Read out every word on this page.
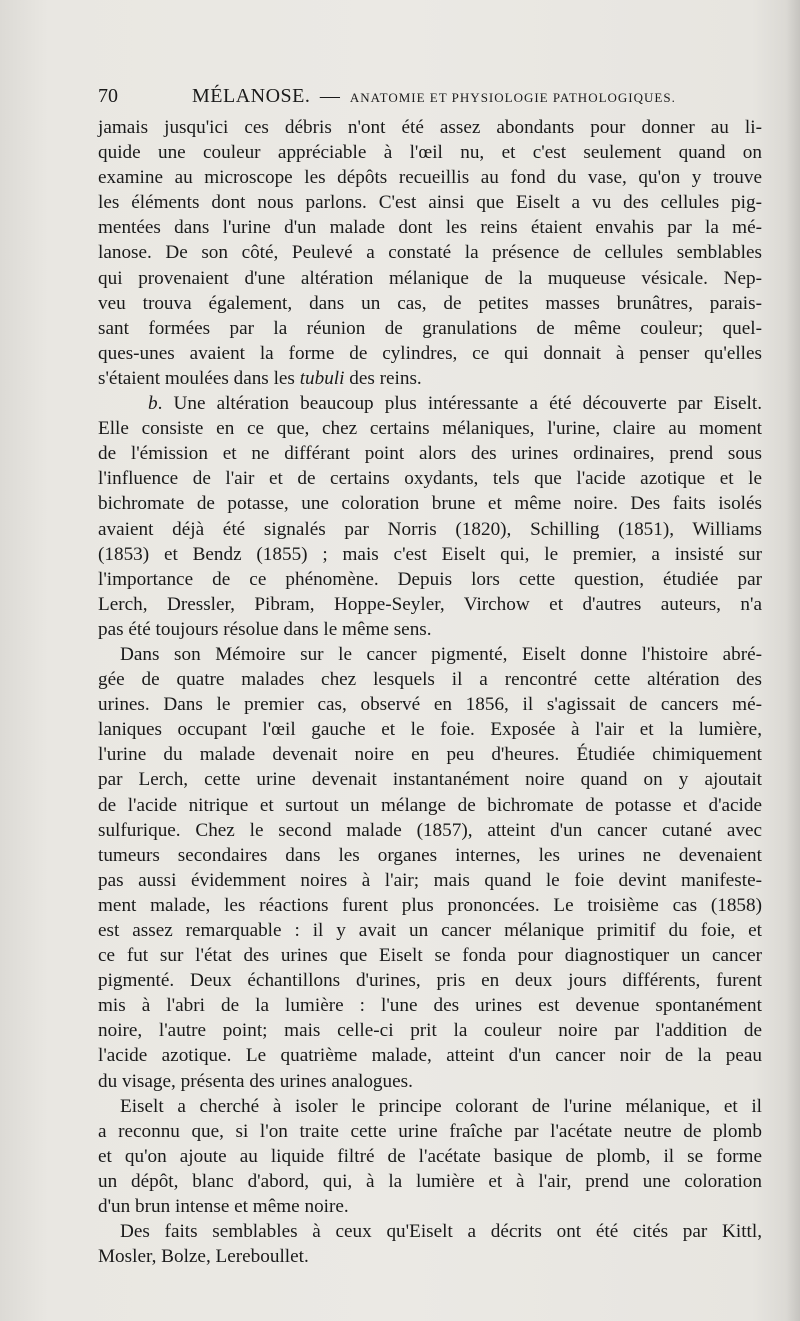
70	MÉLANOSE. — ANATOMIE ET PHYSIOLOGIE PATHOLOGIQUES.
jamais jusqu'ici ces débris n'ont été assez abondants pour donner au li-
quide une couleur appréciable à l'œil nu, et c'est seulement quand on
examine au microscope les dépôts recueillis au fond du vase, qu'on y trouve
les éléments dont nous parlons. C'est ainsi que Eiselt a vu des cellules pig-
mentées dans l'urine d'un malade dont les reins étaient envahis par la mé-
lanose. De son côté, Peulevé a constaté la présence de cellules semblables
qui provenaient d'une altération mélanique de la muqueuse vésicale. Nep-
veu trouva également, dans un cas, de petites masses brunâtres, parais-
sant formées par la réunion de granulations de même couleur; quel-
ques-unes avaient la forme de cylindres, ce qui donnait à penser qu'elles
s'étaient moulées dans les tubuli des reins.
b. Une altération beaucoup plus intéressante a été découverte par Eiselt.
Elle consiste en ce que, chez certains mélaniques, l'urine, claire au moment
de l'émission et ne différant point alors des urines ordinaires, prend sous
l'influence de l'air et de certains oxydants, tels que l'acide azotique et le
bichromate de potasse, une coloration brune et même noire. Des faits isolés
avaient déjà été signalés par Norris (1820), Schilling (1851), Williams
(1853) et Bendz (1855) ; mais c'est Eiselt qui, le premier, a insisté sur
l'importance de ce phénomène. Depuis lors cette question, étudiée par
Lerch, Dressler, Pibram, Hoppe-Seyler, Virchow et d'autres auteurs, n'a
pas été toujours résolue dans le même sens.
Dans son Mémoire sur le cancer pigmenté, Eiselt donne l'histoire abré-
gée de quatre malades chez lesquels il a rencontré cette altération des
urines. Dans le premier cas, observé en 1856, il s'agissait de cancers mé-
laniques occupant l'œil gauche et le foie. Exposée à l'air et la lumière,
l'urine du malade devenait noire en peu d'heures. Étudiée chimiquement
par Lerch, cette urine devenait instantanément noire quand on y ajoutait
de l'acide nitrique et surtout un mélange de bichromate de potasse et d'acide
sulfurique. Chez le second malade (1857), atteint d'un cancer cutané avec
tumeurs secondaires dans les organes internes, les urines ne devenaient
pas aussi évidemment noires à l'air; mais quand le foie devint manifeste-
ment malade, les réactions furent plus prononcées. Le troisième cas (1858)
est assez remarquable : il y avait un cancer mélanique primitif du foie, et
ce fut sur l'état des urines que Eiselt se fonda pour diagnostiquer un cancer
pigmenté. Deux échantillons d'urines, pris en deux jours différents, furent
mis à l'abri de la lumière : l'une des urines est devenue spontanément
noire, l'autre point; mais celle-ci prit la couleur noire par l'addition de
l'acide azotique. Le quatrième malade, atteint d'un cancer noir de la peau
du visage, présenta des urines analogues.
Eiselt a cherché à isoler le principe colorant de l'urine mélanique, et il
a reconnu que, si l'on traite cette urine fraîche par l'acétate neutre de plomb
et qu'on ajoute au liquide filtré de l'acétate basique de plomb, il se forme
un dépôt, blanc d'abord, qui, à la lumière et à l'air, prend une coloration
d'un brun intense et même noire.
Des faits semblables à ceux qu'Eiselt a décrits ont été cités par Kittl,
Mosler, Bolze, Lereboullet.
